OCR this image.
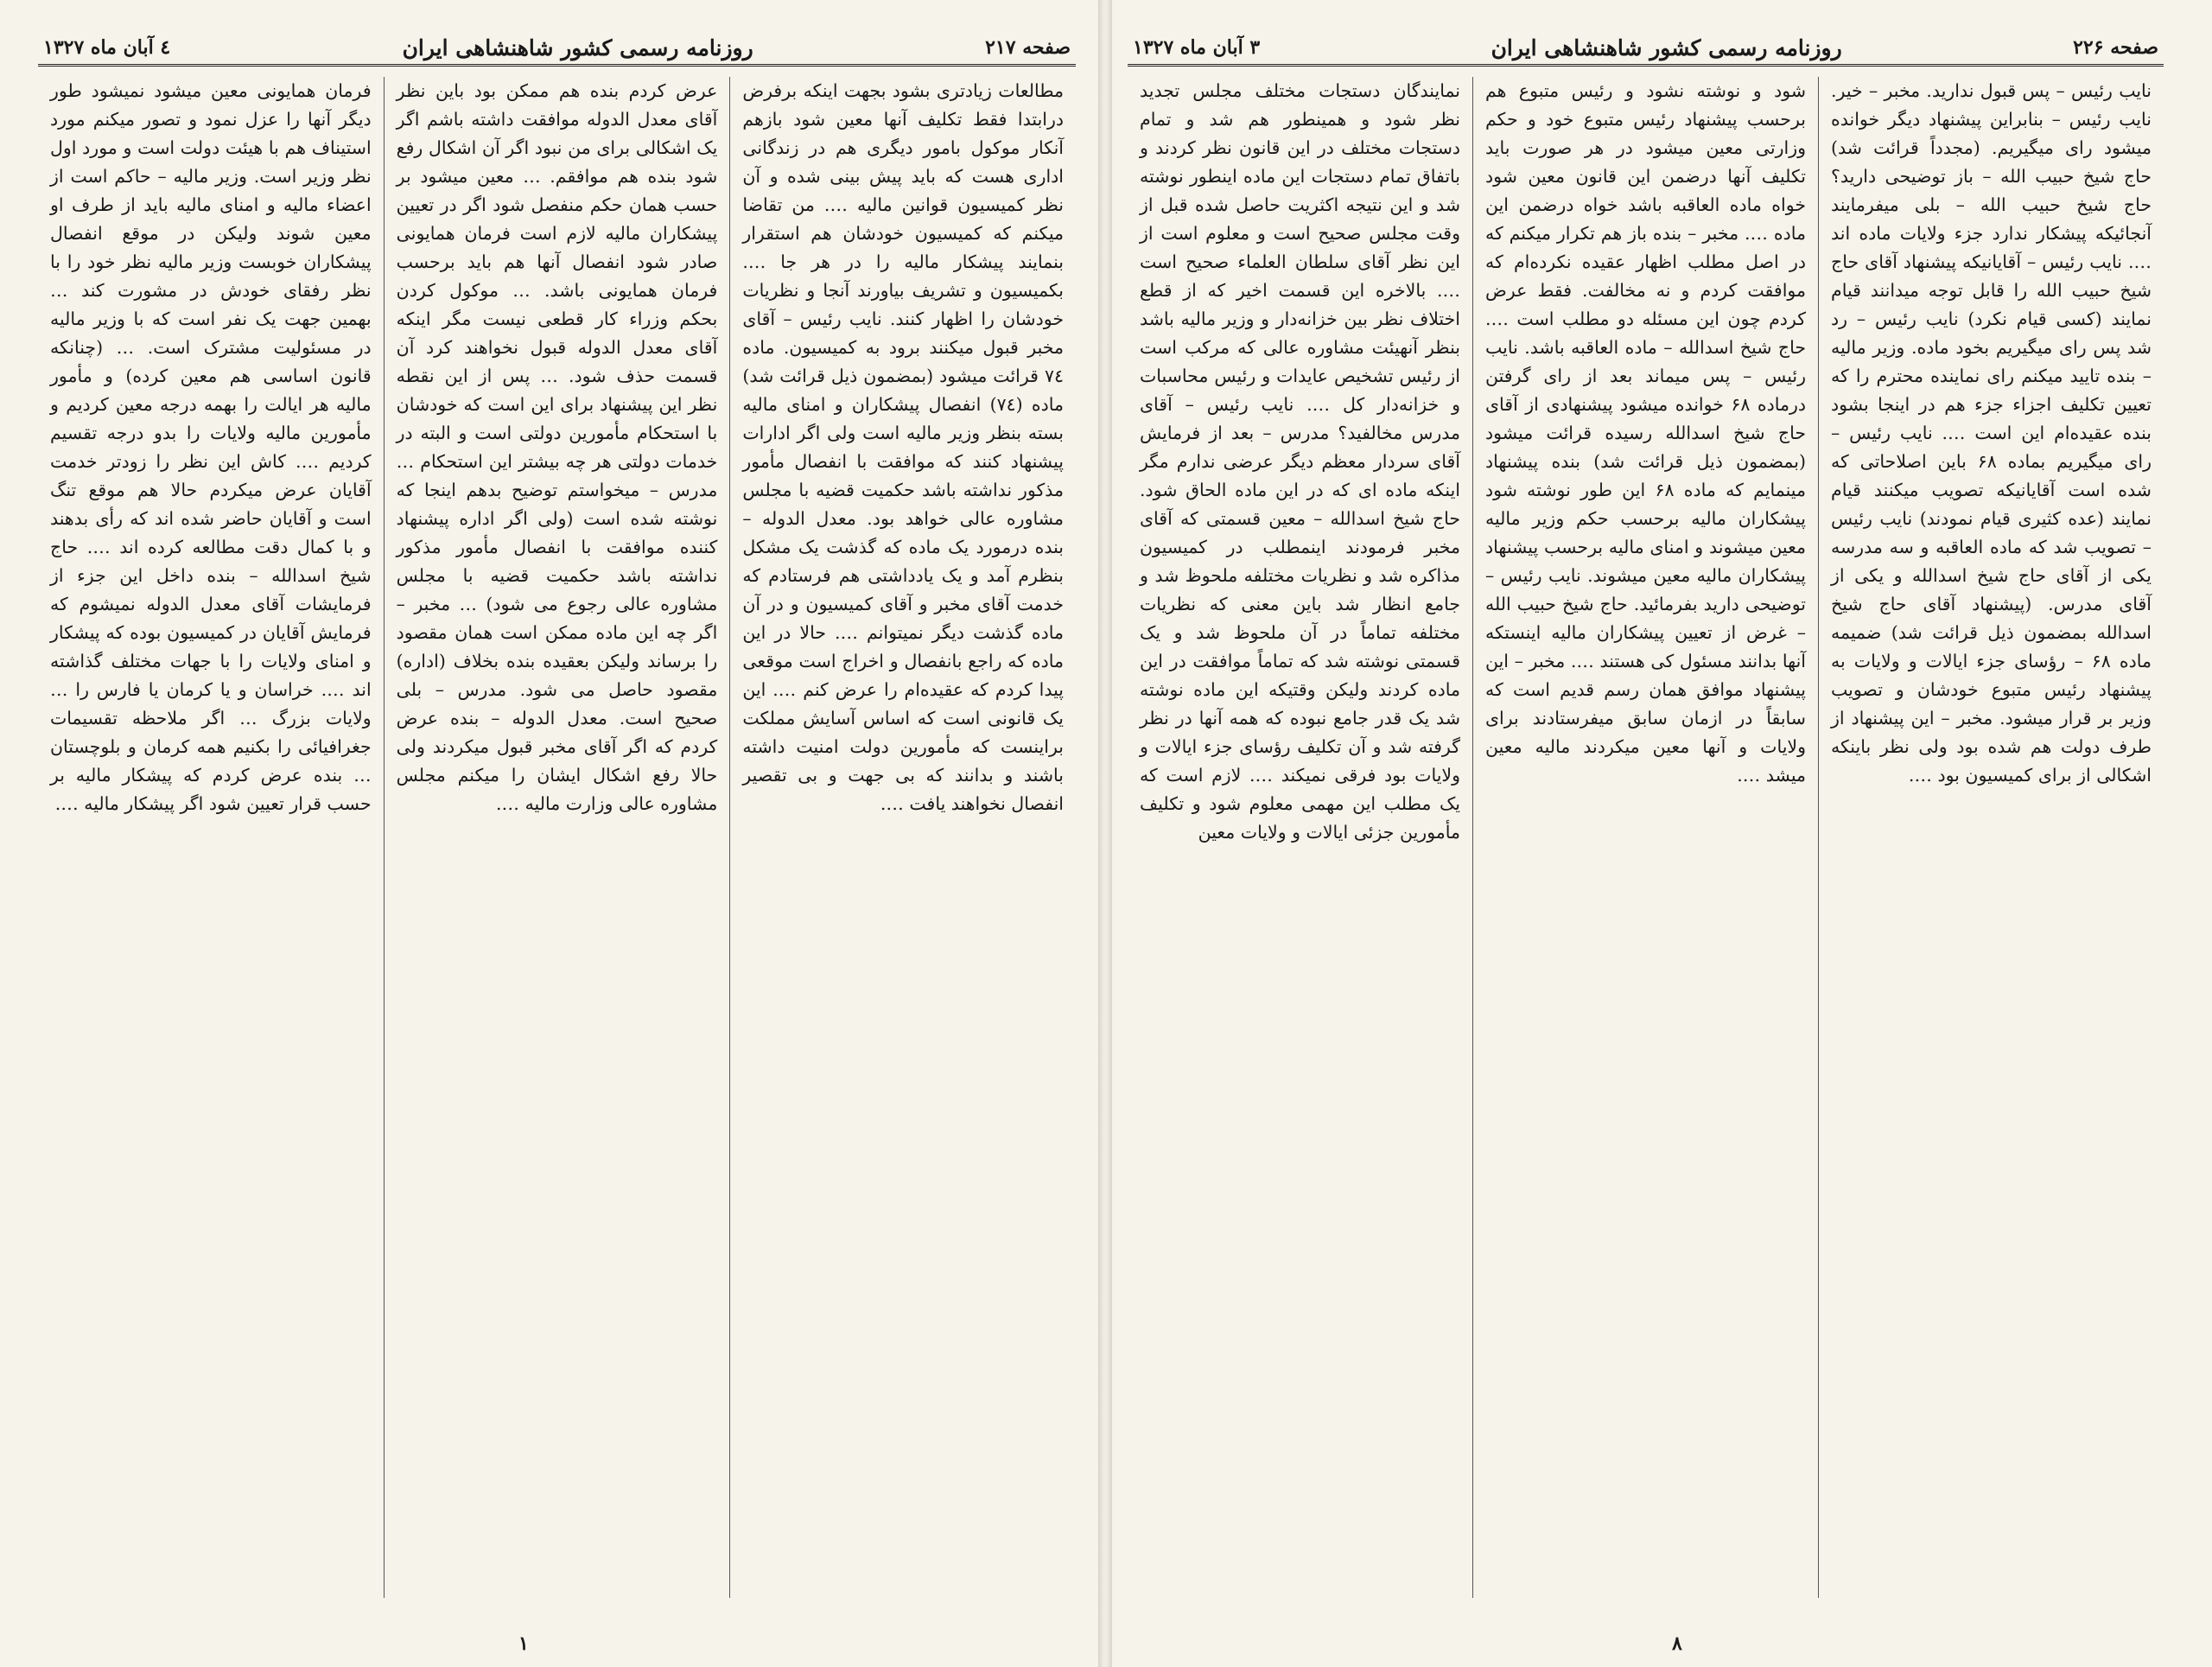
صفحه ۲۱۷
روزنامه رسمی کشور شاهنشاهی ایران
٤ آبان ماه ١٣٢٧
مطالعات زیادتری بشود بجهت اینکه برفرض درابتدا فقط تکلیف آنها معین شود بازهم آنکار موکول بامور دیگری هم در زندگانی اداری هست که باید پیش بینی شده و آن نظر کمیسیون قوانین مالیه …. من تقاضا میکنم که کمیسیون خودشان هم استقرار بنمایند پیشکار مالیه را در هر جا …. بکمیسیون و تشریف بیاورند آنجا و نظریات خودشان را اظهار کنند. نایب رئیس – آقای مخبر قبول میکنند برود به کمیسیون. ماده ۷٤ قرائت میشود (بمضمون ذیل قرائت شد) ماده (۷٤) انفصال پیشکاران و امنای مالیه بسته بنظر وزیر مالیه است ولی اگر ادارات پیشنهاد کنند که موافقت با انفصال مأمور مذکور نداشته باشد حکمیت قضیه با مجلس مشاوره عالی خواهد بود. معدل الدوله – بنده درمورد یک ماده که گذشت یک مشکل بنظرم آمد و یک یادداشتی هم فرستادم که خدمت آقای مخبر و آقای کمیسیون و در آن ماده گذشت دیگر نمیتوانم …. حالا در این ماده که راجع بانفصال و اخراج است موقعی پیدا کردم که عقیده‌ام را عرض کنم …. این یک قانونی است که اساس آسایش مملکت براینست که مأمورین دولت امنیت داشته باشند و بدانند که بی جهت و بی تقصیر انفصال نخواهند یافت ….
عرض کردم بنده هم ممکن بود باین نظر آقای معدل الدوله موافقت داشته باشم اگر یک اشکالی برای من نبود اگر آن اشکال رفع شود بنده هم موافقم. … معین میشود بر حسب همان حکم منفصل شود اگر در تعیین پیشکاران مالیه لازم است فرمان همایونی صادر شود انفصال آنها هم باید برحسب فرمان همایونی باشد. … موکول کردن بحکم وزراء کار قطعی نیست مگر اینکه آقای معدل الدوله قبول نخواهند کرد آن قسمت حذف شود. … پس از این نقطه نظر این پیشنهاد برای این است که خودشان با استحکام مأمورین دولتی است و البته در خدمات دولتی هر چه بیشتر این استحکام … مدرس – میخواستم توضیح بدهم اینجا که نوشته شده است (ولی اگر اداره پیشنهاد کننده موافقت با انفصال مأمور مذکور نداشته باشد حکمیت قضیه با مجلس مشاوره عالی رجوع می شود) … مخبر – اگر چه این ماده ممکن است همان مقصود را برساند ولیکن بعقیده بنده بخلاف (اداره) مقصود حاصل می شود. مدرس – بلی صحیح است. معدل الدوله – بنده عرض کردم که اگر آقای مخبر قبول میکردند ولی حالا رفع اشکال ایشان را میکنم مجلس مشاوره عالی وزارت مالیه ….
فرمان همایونی معین میشود نمیشود طور دیگر آنها را عزل نمود و تصور میکنم مورد استیناف هم با هیئت دولت است و مورد اول نظر وزیر است. وزیر مالیه – حاکم است از اعضاء مالیه و امنای مالیه باید از طرف او معین شوند ولیکن در موقع انفصال پیشکاران خوبست وزیر مالیه نظر خود را با نظر رفقای خودش در مشورت کند … بهمین جهت یک نفر است که با وزیر مالیه در مسئولیت مشترک است. … (چنانکه قانون اساسی هم معین کرده) و مأمور مالیه هر ایالت را بهمه درجه معین کردیم و مأمورین مالیه ولایات را بدو درجه تقسیم کردیم …. کاش این نظر را زودتر خدمت آقایان عرض میکردم حالا هم موقع تنگ است و آقایان حاضر شده اند که رأی بدهند و با کمال دقت مطالعه کرده اند …. حاج شیخ اسدالله – بنده داخل این جزء از فرمایشات آقای معدل الدوله نمیشوم که فرمایش آقایان در کمیسیون بوده که پیشکار و امنای ولایات را با جهات مختلف گذاشته اند …. خراسان و یا کرمان یا فارس را … ولایات بزرگ … اگر ملاحظه تقسیمات جغرافیائی را بکنیم همه کرمان و بلوچستان … بنده عرض کردم که پیشکار مالیه بر حسب قرار تعیین شود اگر پیشکار مالیه ….
۱
صفحه ۲۲۶
روزنامه رسمی کشور شاهنشاهی ایران
۳ آبان ماه ۱۳۲۷
نایب رئیس – پس قبول ندارید. مخبر – خیر. نایب رئیس – بنابراین پیشنهاد دیگر خوانده میشود رای میگیریم. (مجدداً قرائت شد) حاج شیخ حبیب الله – باز توضیحی دارید؟ حاج شیخ حبیب الله – بلی میفرمایند آنجائیکه پیشکار ندارد جزء ولایات ماده اند …. نایب رئیس – آقایانیکه پیشنهاد آقای حاج شیخ حبیب الله را قابل توجه میدانند قیام نمایند (کسی قیام نکرد) نایب رئیس – رد شد پس رای میگیریم بخود ماده. وزیر مالیه – بنده تایید میکنم رای نماینده محترم را که تعیین تکلیف اجزاء جزء هم در اینجا بشود بنده عقیده‌ام این است …. نایب رئیس – رای میگیریم بماده ۶۸ باین اصلاحاتی که شده است آقایانیکه تصویب میکنند قیام نمایند (عده کثیری قیام نمودند) نایب رئیس – تصویب شد که ماده العاقبه و سه مدرسه یکی از آقای حاج شیخ اسدالله و یکی از آقای مدرس. (پیشنهاد آقای حاج شیخ اسدالله بمضمون ذیل قرائت شد) ضمیمه ماده ۶۸ – رؤسای جزء ایالات و ولایات به پیشنهاد رئیس متبوع خودشان و تصویب وزیر بر قرار میشود. مخبر – این پیشنهاد از طرف دولت هم شده بود ولی نظر باینکه اشکالی از برای کمیسیون بود ….
شود و نوشته نشود و رئیس متبوع هم برحسب پیشنهاد رئیس متبوع خود و حکم وزارتی معین میشود در هر صورت باید تکلیف آنها درضمن این قانون معین شود خواه ماده العاقبه باشد خواه درضمن این ماده …. مخبر – بنده باز هم تکرار میکنم که در اصل مطلب اظهار عقیده نکرده‌ام که موافقت کردم و نه مخالفت. فقط عرض کردم چون این مسئله دو مطلب است …. حاج شیخ اسدالله – ماده العاقبه باشد. نایب رئیس – پس میماند بعد از رای گرفتن درماده ۶۸ خوانده میشود پیشنهادی از آقای حاج شیخ اسدالله رسیده قرائت میشود (بمضمون ذیل قرائت شد) بنده پیشنهاد مینمایم که ماده ۶۸ این طور نوشته شود پیشکاران مالیه برحسب حکم وزیر مالیه معین میشوند و امنای مالیه برحسب پیشنهاد پیشکاران مالیه معین میشوند. نایب رئیس – توضیحی دارید بفرمائید. حاج شیخ حبیب الله – غرض از تعیین پیشکاران مالیه اینستکه آنها بدانند مسئول کی هستند …. مخبر – این پیشنهاد موافق همان رسم قدیم است که سابقاً در ازمان سابق میفرستادند برای ولایات و آنها معین میکردند مالیه معین میشد ….
نمایندگان دستجات مختلف مجلس تجدید نظر شود و همینطور هم شد و تمام دستجات مختلف در این قانون نظر کردند و باتفاق تمام دستجات این ماده اینطور نوشته شد و این نتیجه اکثریت حاصل شده قبل از وقت مجلس صحیح است و معلوم است از این نظر آقای سلطان العلماء صحیح است …. بالاخره این قسمت اخیر که از قطع اختلاف نظر بین خزانه‌دار و وزیر مالیه باشد بنظر آنهیئت مشاوره عالی که مرکب است از رئیس تشخیص عایدات و رئیس محاسبات و خزانه‌دار کل …. نایب رئیس – آقای مدرس مخالفید؟ مدرس – بعد از فرمایش آقای سردار معظم دیگر عرضی ندارم مگر اینکه ماده ای که در این ماده الحاق شود. حاج شیخ اسدالله – معین قسمتی که آقای مخبر فرمودند اینمطلب در کمیسیون مذاکره شد و نظریات مختلفه ملحوظ شد و جامع انظار شد باین معنی که نظریات مختلفه تماماً در آن ملحوظ شد و یک قسمتی نوشته شد که تماماً موافقت در این ماده کردند ولیکن وقتیکه این ماده نوشته شد یک قدر جامع نبوده که همه آنها در نظر گرفته شد و آن تکلیف رؤسای جزء ایالات و ولایات بود فرقی نمیکند …. لازم است که یک مطلب این مهمی معلوم شود و تکلیف مأمورین جزئی ایالات و ولایات معین
۸
